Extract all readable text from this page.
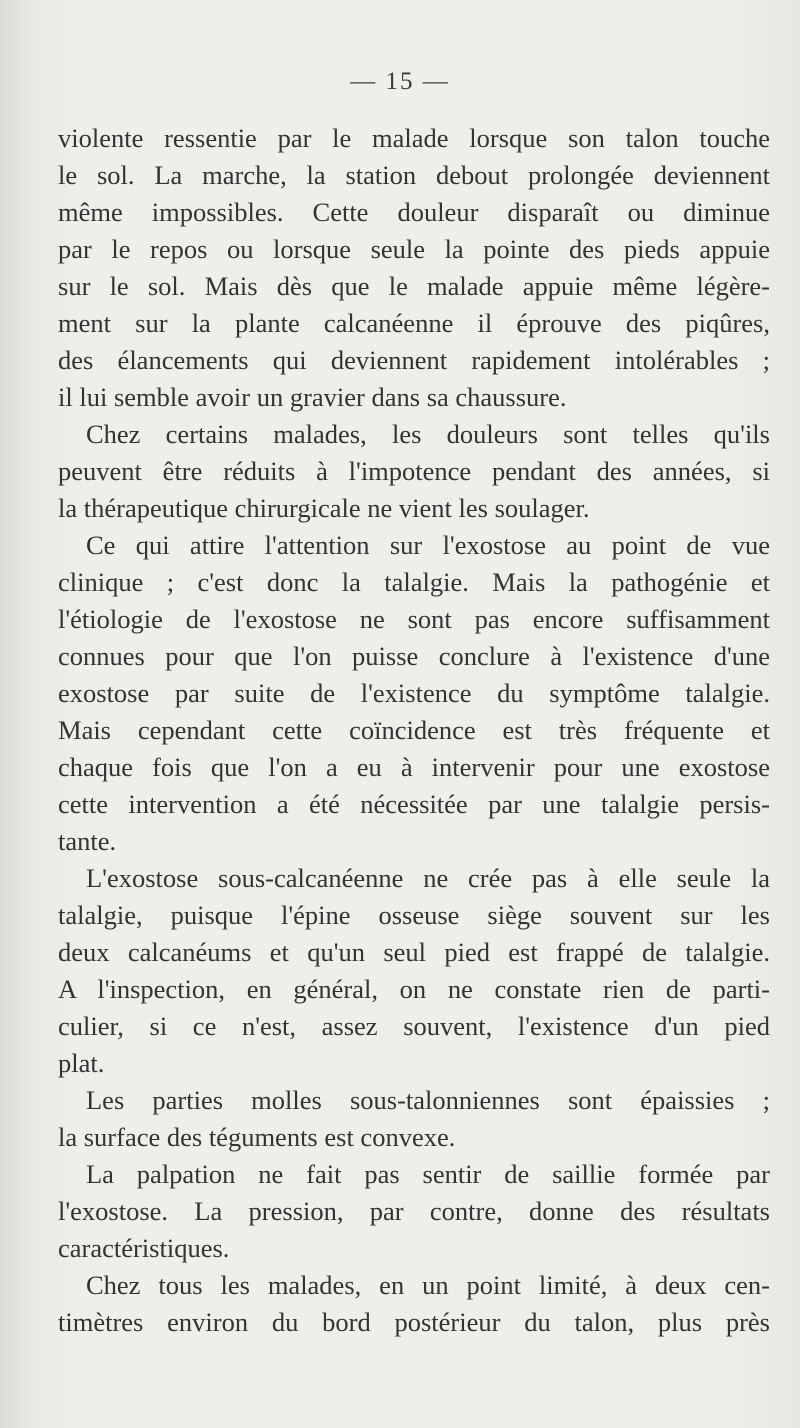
— 15 —
violente ressentie par le malade lorsque son talon touche
le sol. La marche, la station debout prolongée deviennent
même impossibles. Cette douleur disparaît ou diminue
par le repos ou lorsque seule la pointe des pieds appuie
sur le sol. Mais dès que le malade appuie même légère-
ment sur la plante calcanéenne il éprouve des piqûres,
des élancements qui deviennent rapidement intolérables ;
il lui semble avoir un gravier dans sa chaussure.
Chez certains malades, les douleurs sont telles qu'ils
peuvent être réduits à l'impotence pendant des années, si
la thérapeutique chirurgicale ne vient les soulager.
Ce qui attire l'attention sur l'exostose au point de vue
clinique ; c'est donc la talalgie. Mais la pathogénie et
l'étiologie de l'exostose ne sont pas encore suffisamment
connues pour que l'on puisse conclure à l'existence d'une
exostose par suite de l'existence du symptôme talalgie.
Mais cependant cette coïncidence est très fréquente et
chaque fois que l'on a eu à intervenir pour une exostose
cette intervention a été nécessitée par une talalgie persis-
tante.
L'exostose sous-calcanéenne ne crée pas à elle seule la
talalgie, puisque l'épine osseuse siège souvent sur les
deux calcanéums et qu'un seul pied est frappé de talalgie.
A l'inspection, en général, on ne constate rien de parti-
culier, si ce n'est, assez souvent, l'existence d'un pied
plat.
Les parties molles sous-talonniennes sont épaissies ;
la surface des téguments est convexe.
La palpation ne fait pas sentir de saillie formée par
l'exostose. La pression, par contre, donne des résultats
caractéristiques.
Chez tous les malades, en un point limité, à deux cen-
timètres environ du bord postérieur du talon, plus près
